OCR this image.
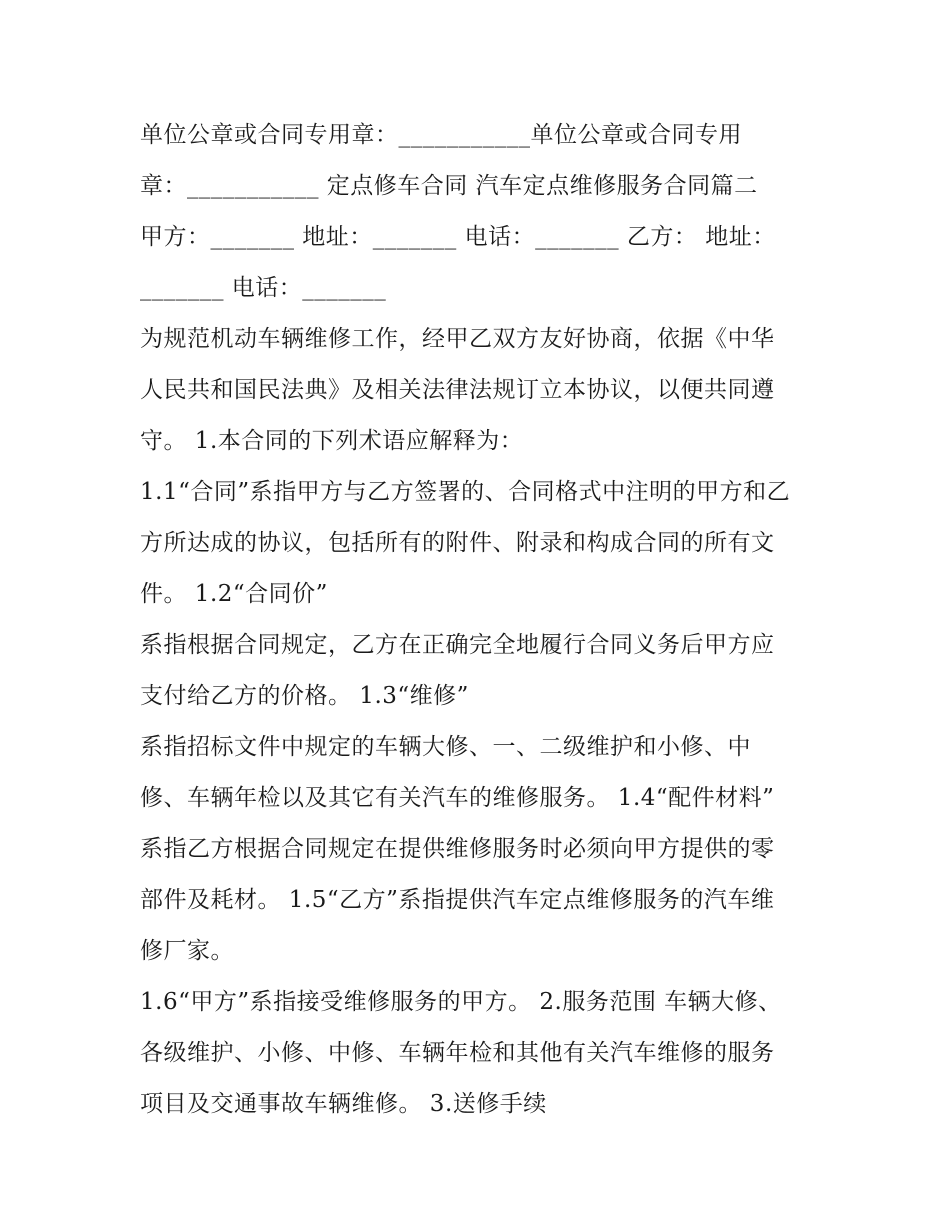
单位公章或合同专用章：___________单位公章或合同专用
章：___________ 定点修车合同 汽车定点维修服务合同篇二
甲方：_______ 地址：_______ 电话：_______ 乙方： 地址：
_______ 电话：_______

为规范机动车辆维修工作，经甲乙双方友好协商，依据《中华
人民共和国民法典》及相关法律法规订立本协议，以便共同遵
守。 1.本合同的下列术语应解释为：

1.1“合同”系指甲方与乙方签署的、合同格式中注明的甲方和乙
方所达成的协议，包括所有的附件、附录和构成合同的所有文
件。 1.2“合同价”

系指根据合同规定，乙方在正确完全地履行合同义务后甲方应
支付给乙方的价格。 1.3“维修”

系指招标文件中规定的车辆大修、一、二级维护和小修、中
修、车辆年检以及其它有关汽车的维修服务。 1.4“配件材料”
系指乙方根据合同规定在提供维修服务时必须向甲方提供的零
部件及耗材。 1.5“乙方”系指提供汽车定点维修服务的汽车维
修厂家。

1.6“甲方”系指接受维修服务的甲方。 2.服务范围 车辆大修、
各级维护、小修、中修、车辆年检和其他有关汽车维修的服务
项目及交通事故车辆维修。 3.送修手续
